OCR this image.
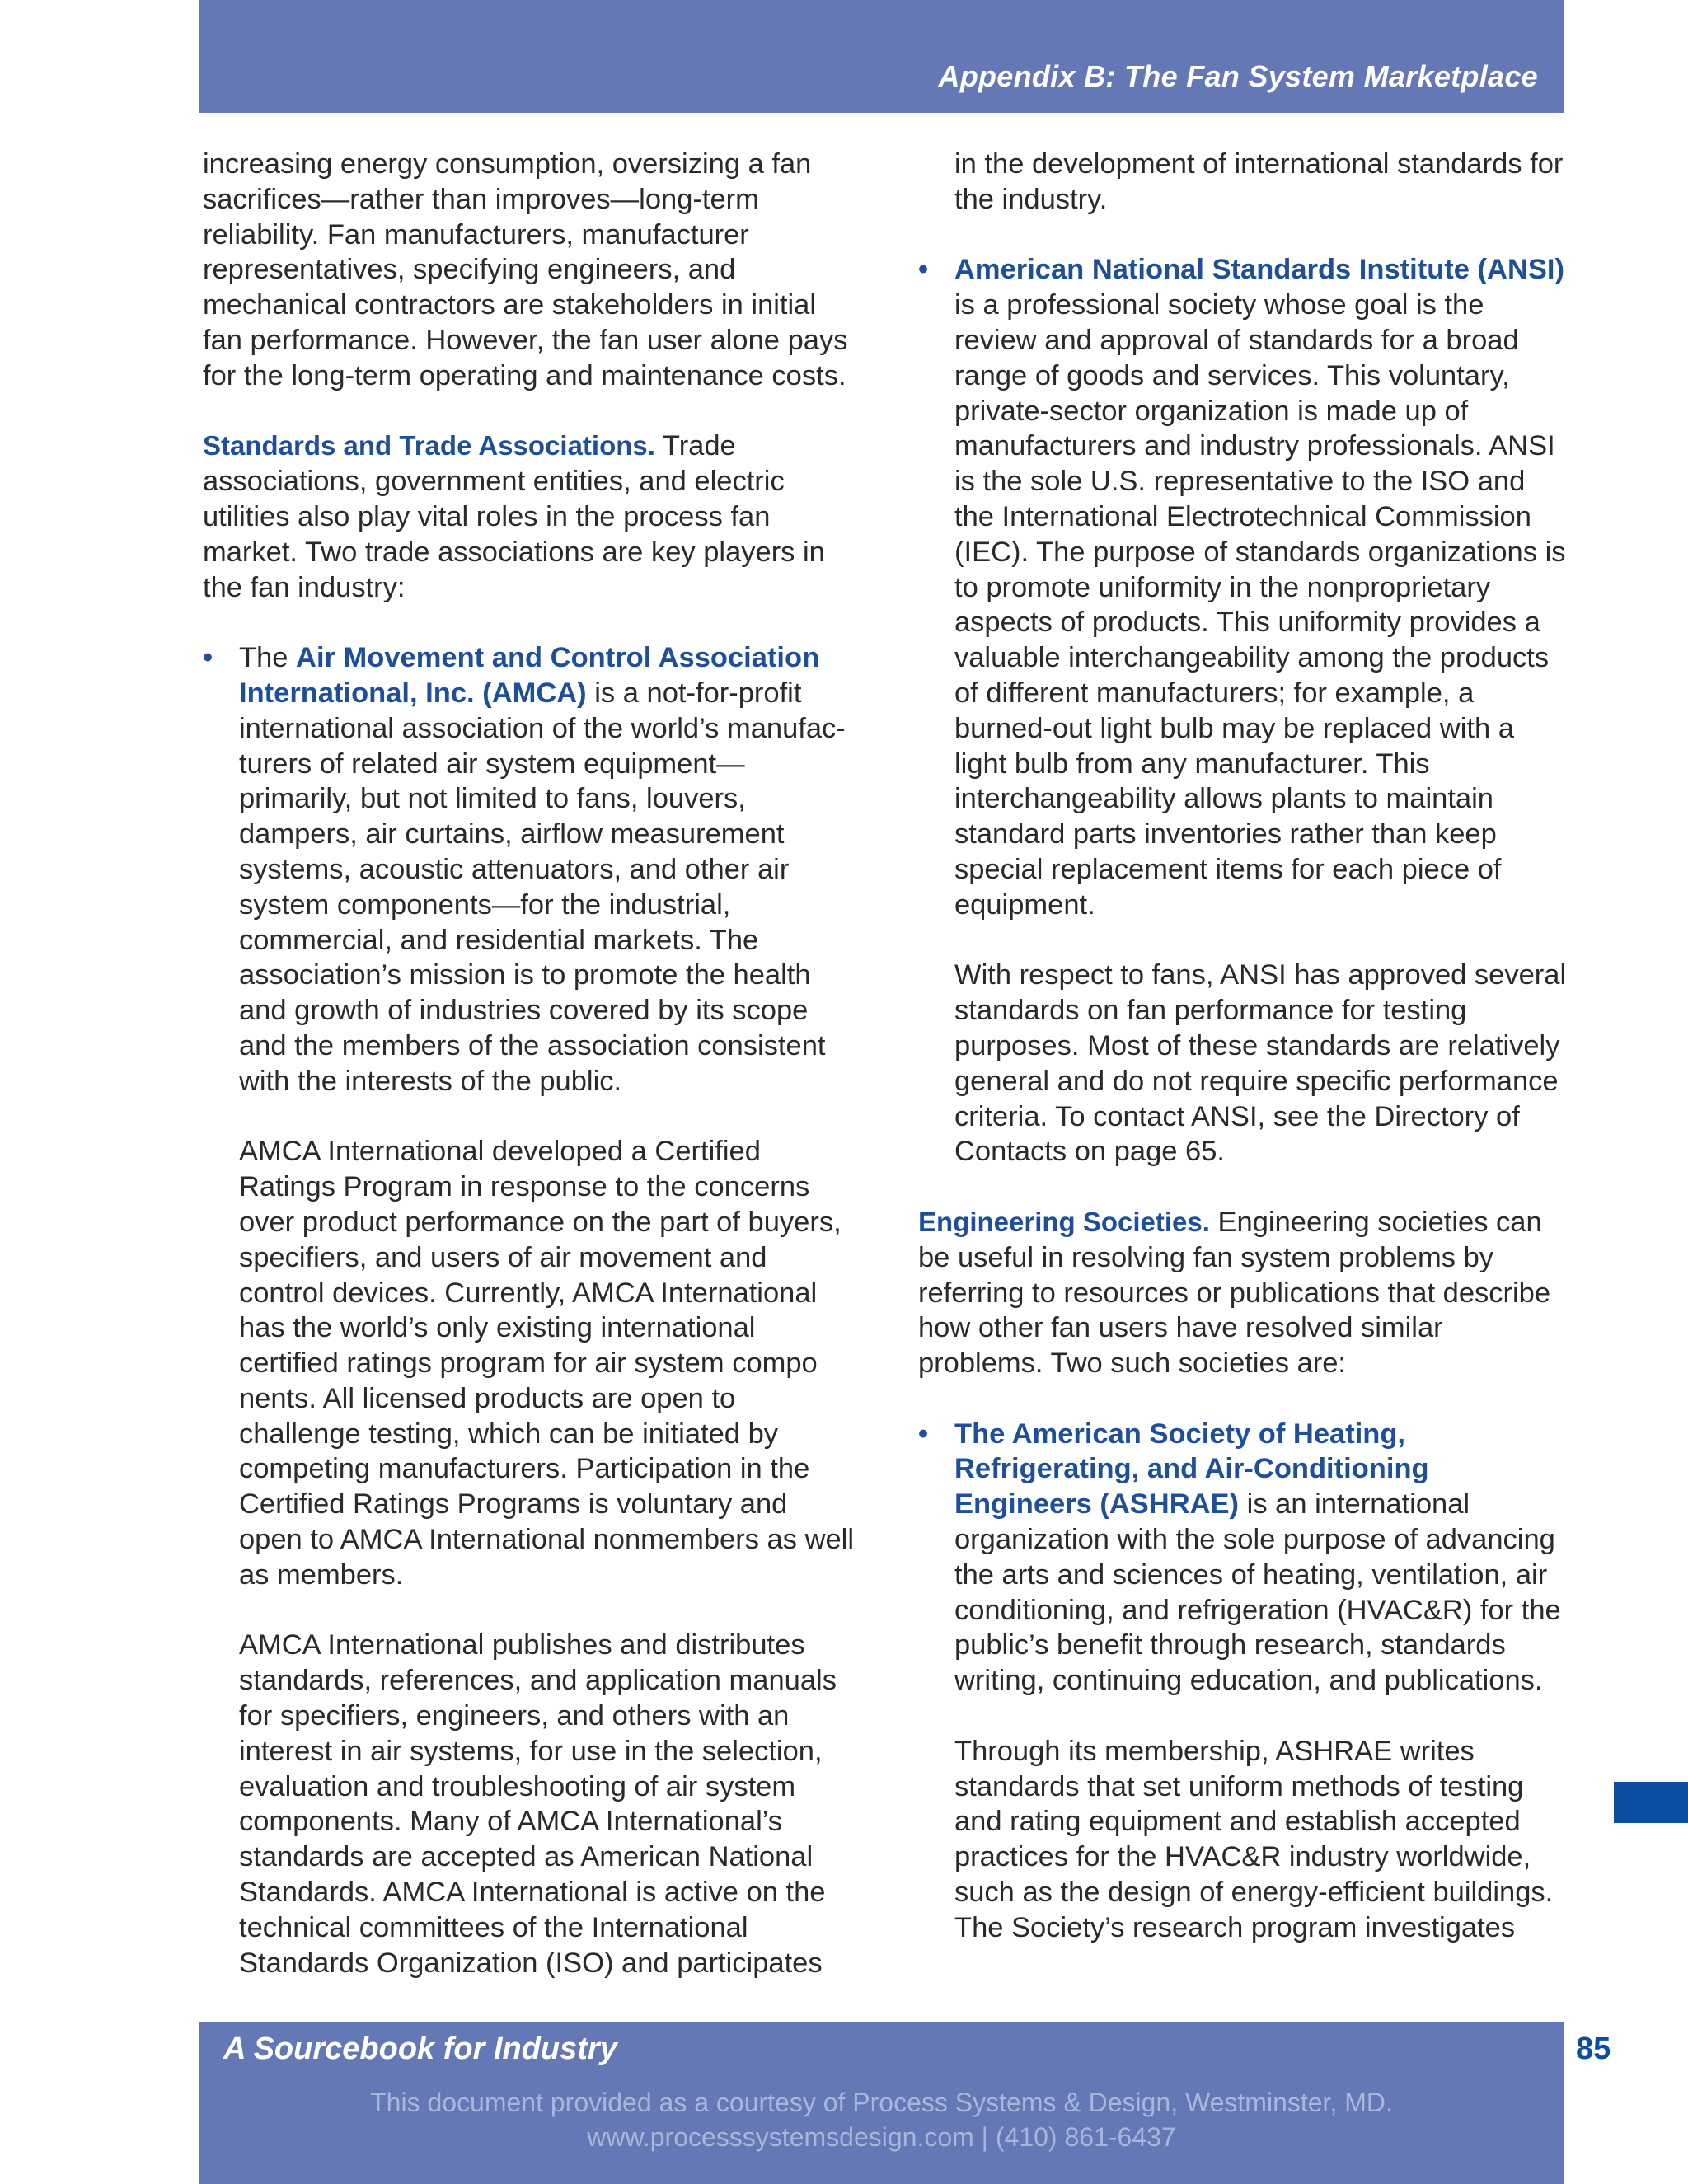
Appendix B: The Fan System Marketplace

increasing energy consumption, oversizing a fan sacrifices—rather than improves—long-term reliability. Fan manufacturers, manufacturer representatives, specifying engineers, and mechanical contractors are stakeholders in initial fan performance. However, the fan user alone pays for the long-term operating and maintenance costs.

Standards and Trade Associations. Trade associations, government entities, and electric utilities also play vital roles in the process fan market. Two trade associations are key players in the fan industry:

• The Air Movement and Control Association International, Inc. (AMCA) is a not-for-profit international association of the world’s manufac-turers of related air system equipment—primarily, but not limited to fans, louvers, dampers, air curtains, airflow measurement systems, acoustic attenuators, and other air system components—for the industrial, commercial, and residential markets. The association’s mission is to promote the health and growth of industries covered by its scope and the members of the association consistent with the interests of the public.

AMCA International developed a Certified Ratings Program in response to the concerns over product performance on the part of buyers, specifiers, and users of air movement and control devices. Currently, AMCA International has the world’s only existing international certified ratings program for air system compo nents. All licensed products are open to challenge testing, which can be initiated by competing manufacturers. Participation in the Certified Ratings Programs is voluntary and open to AMCA International nonmembers as well as members.

AMCA International publishes and distributes standards, references, and application manuals for specifiers, engineers, and others with an interest in air systems, for use in the selection, evaluation and troubleshooting of air system components. Many of AMCA International’s standards are accepted as American National Standards. AMCA International is active on the technical committees of the International Standards Organization (ISO) and participates

in the development of international standards for the industry.

• American National Standards Institute (ANSI) is a professional society whose goal is the review and approval of standards for a broad range of goods and services. This voluntary, private-sector organization is made up of manufacturers and industry professionals. ANSI is the sole U.S. representative to the ISO and the International Electrotechnical Commission (IEC). The purpose of standards organizations is to promote uniformity in the nonproprietary aspects of products. This uniformity provides a valuable interchangeability among the products of different manufacturers; for example, a burned-out light bulb may be replaced with a light bulb from any manufacturer. This interchangeability allows plants to maintain standard parts inventories rather than keep special replacement items for each piece of equipment.

With respect to fans, ANSI has approved several standards on fan performance for testing purposes. Most of these standards are relatively general and do not require specific performance criteria. To contact ANSI, see the Directory of Contacts on page 65.

Engineering Societies. Engineering societies can be useful in resolving fan system problems by referring to resources or publications that describe how other fan users have resolved similar problems. Two such societies are:

• The American Society of Heating, Refrigerating, and Air-Conditioning Engineers (ASHRAE) is an international organization with the sole purpose of advancing the arts and sciences of heating, ventilation, air conditioning, and refrigeration (HVAC&R) for the public’s benefit through research, standards writing, continuing education, and publications.

Through its membership, ASHRAE writes standards that set uniform methods of testing and rating equipment and establish accepted practices for the HVAC&R industry worldwide, such as the design of energy-efficient buildings. The Society’s research program investigates

A Sourcebook for Industry
This document provided as a courtesy of Process Systems & Design, Westminster, MD.
www.processsystemsdesign.com | (410) 861-6437
85
